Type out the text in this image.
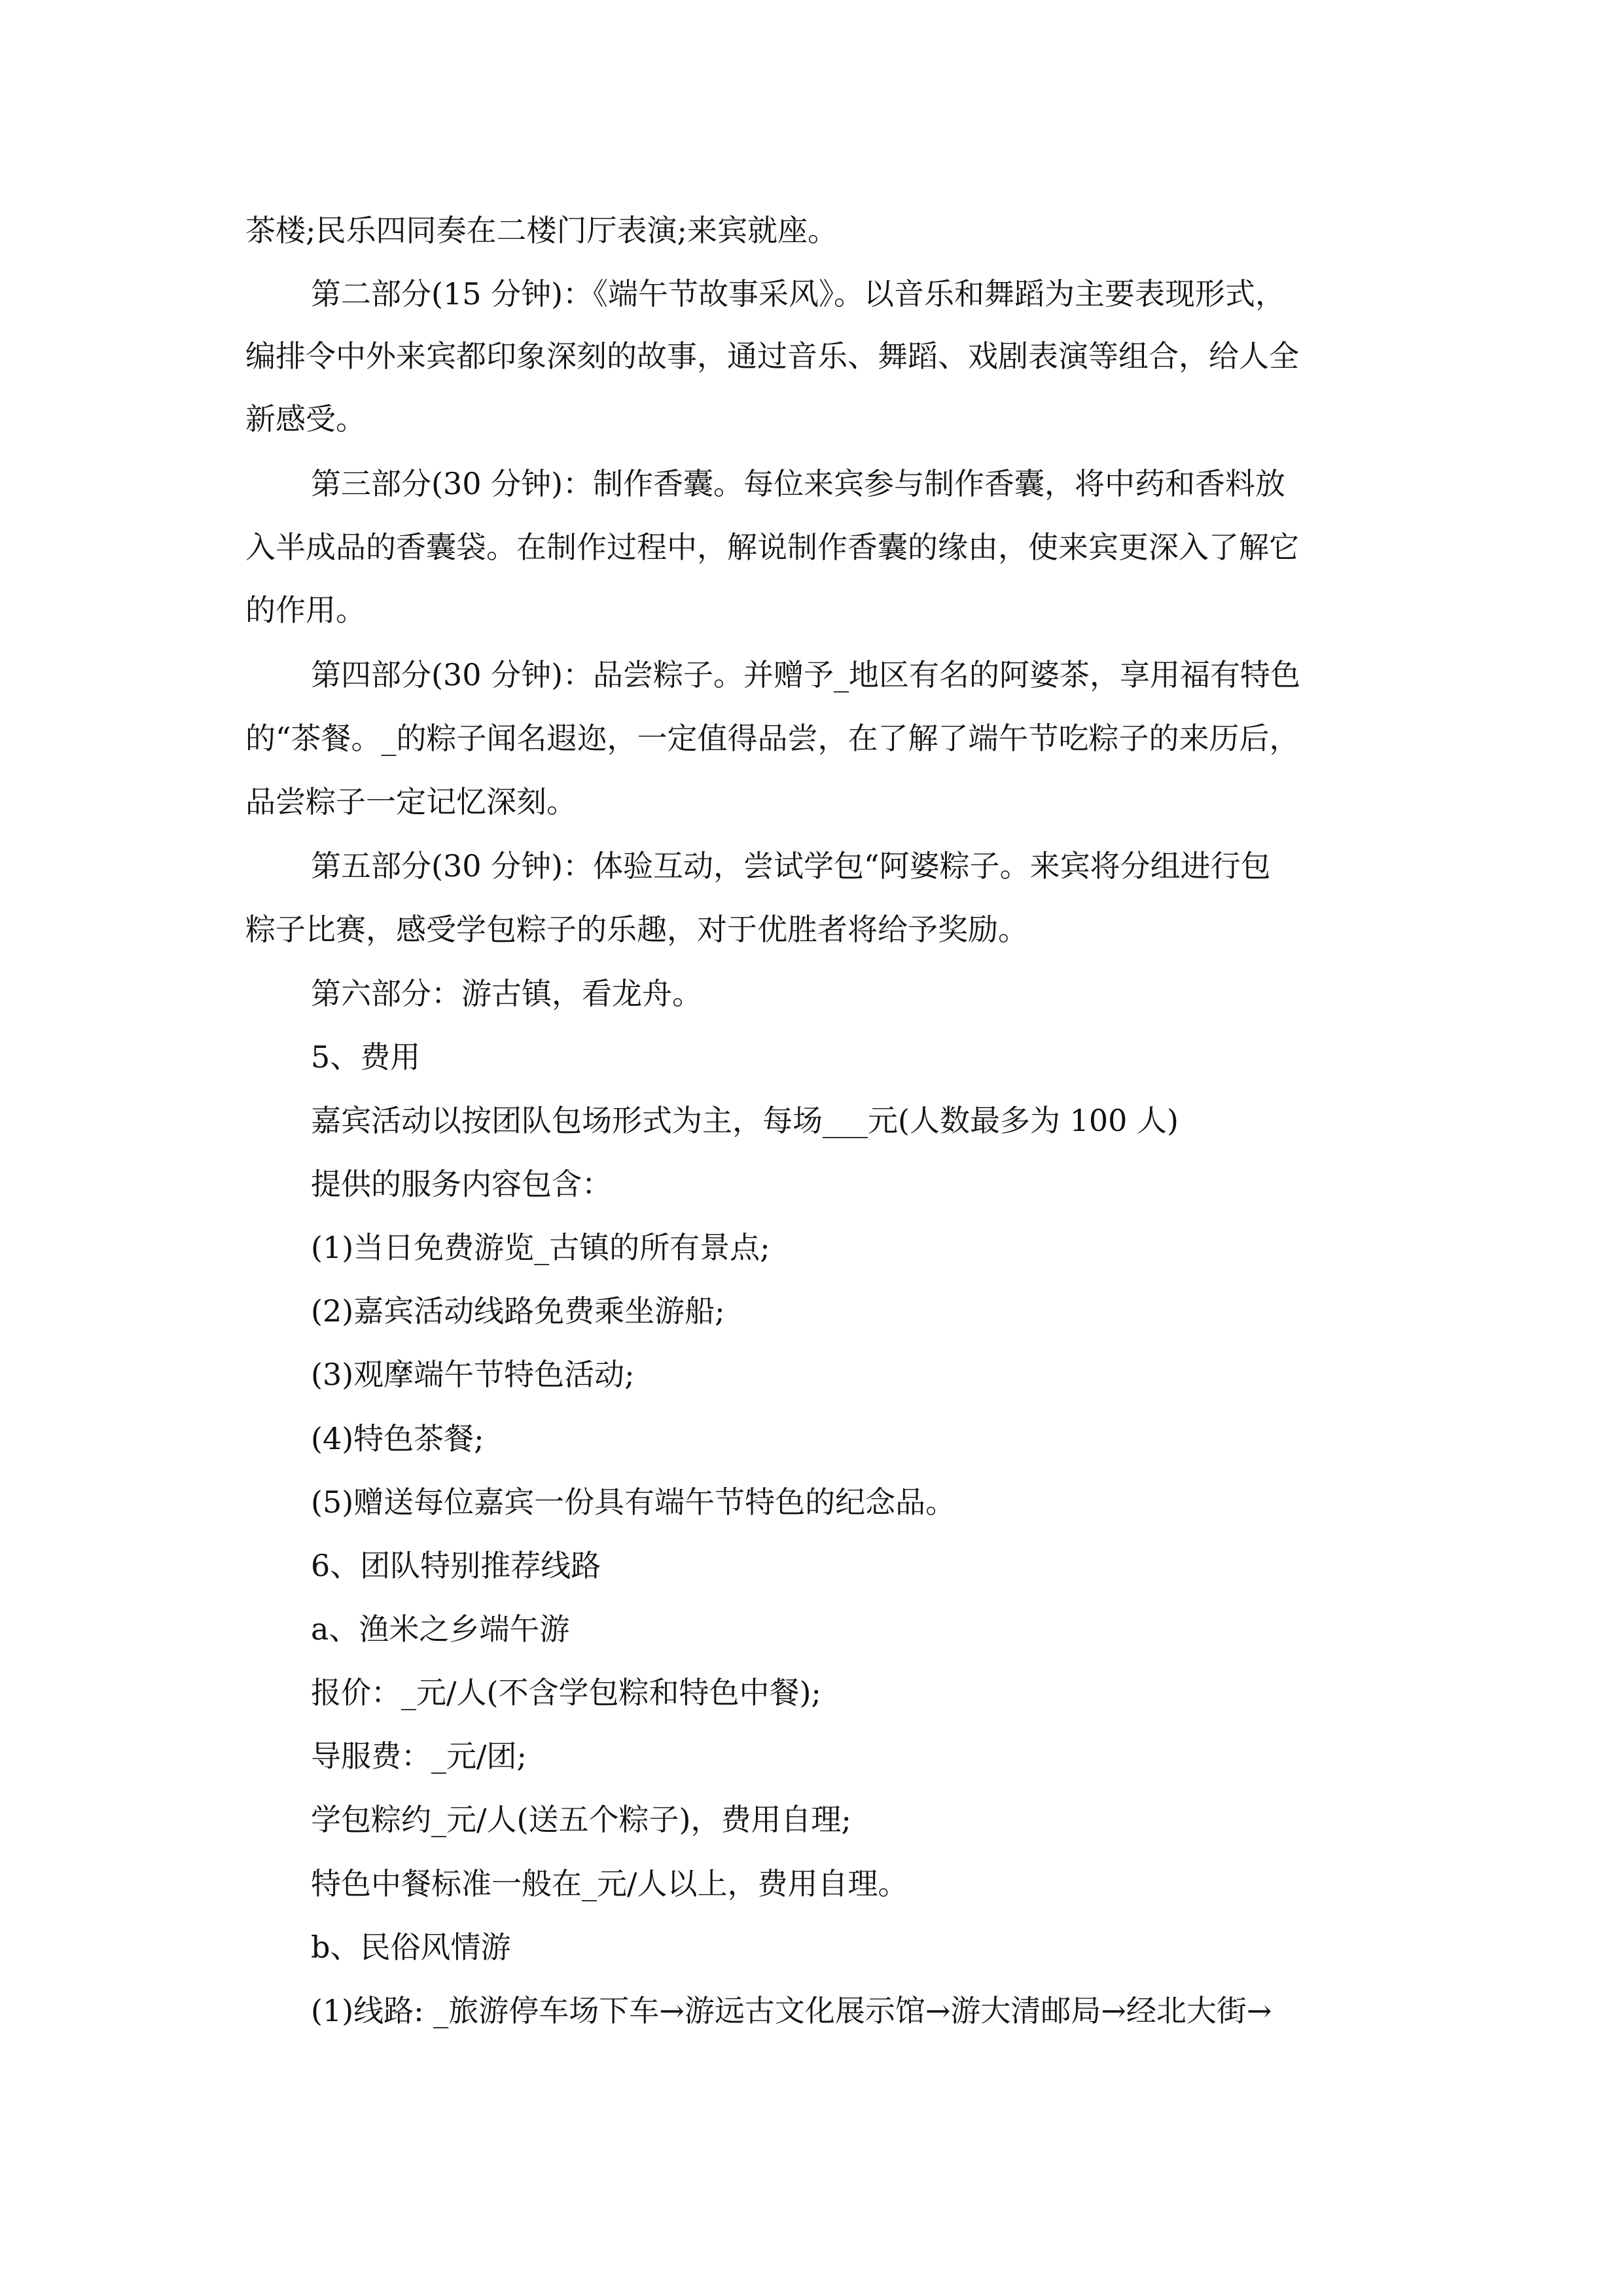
茶楼;民乐四同奏在二楼门厅表演;来宾就座。
第二部分(15 分钟)：《端午节故事采风》。以音乐和舞蹈为主要表现形式，
编排令中外来宾都印象深刻的故事，通过音乐、舞蹈、戏剧表演等组合，给人全
新感受。
第三部分(30 分钟)：制作香囊。每位来宾参与制作香囊，将中药和香料放
入半成品的香囊袋。在制作过程中，解说制作香囊的缘由，使来宾更深入了解它
的作用。
第四部分(30 分钟)：品尝粽子。并赠予_地区有名的阿婆茶，享用福有特色
的“茶餐。_的粽子闻名遐迩，一定值得品尝，在了解了端午节吃粽子的来历后，
品尝粽子一定记忆深刻。
第五部分(30 分钟)：体验互动，尝试学包“阿婆粽子。来宾将分组进行包
粽子比赛，感受学包粽子的乐趣，对于优胜者将给予奖励。
第六部分：游古镇，看龙舟。
5、费用
嘉宾活动以按团队包场形式为主，每场___元(人数最多为 100 人)
提供的服务内容包含：
(1)当日免费游览_古镇的所有景点;
(2)嘉宾活动线路免费乘坐游船;
(3)观摩端午节特色活动;
(4)特色茶餐;
(5)赠送每位嘉宾一份具有端午节特色的纪念品。
6、团队特别推荐线路
a、渔米之乡端午游
报价：_元/人(不含学包粽和特色中餐);
导服费：_元/团;
学包粽约_元/人(送五个粽子)，费用自理;
特色中餐标准一般在_元/人以上，费用自理。
b、民俗风情游
(1)线路: _旅游停车场下车→游远古文化展示馆→游大清邮局→经北大街→
